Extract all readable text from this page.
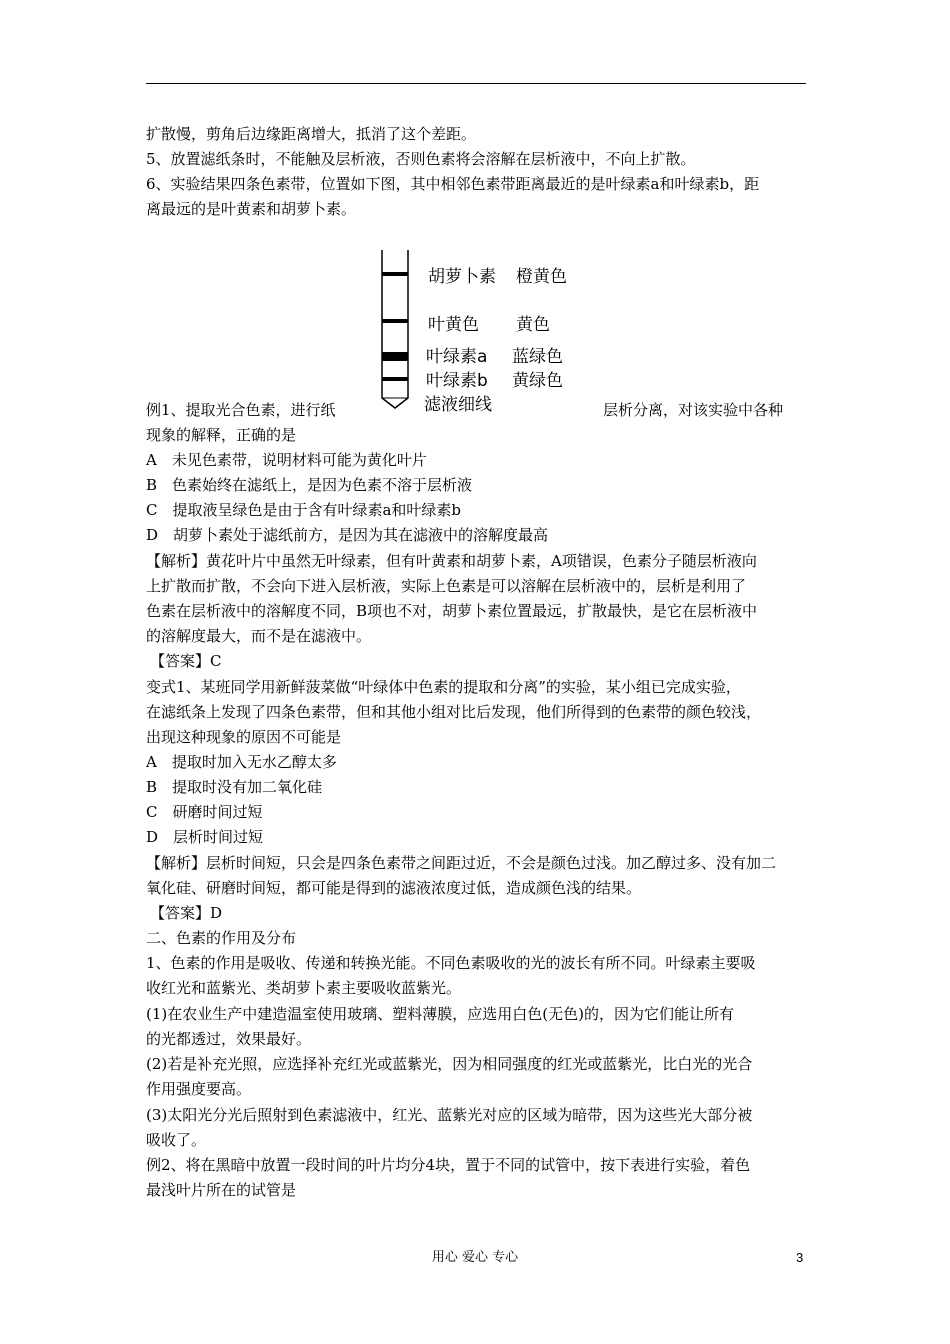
扩散慢，剪角后边缘距离增大，抵消了这个差距。
5、放置滤纸条时，不能触及层析液，否则色素将会溶解在层析液中，不向上扩散。
6、实验结果四条色素带，位置如下图，其中相邻色素带距离最近的是叶绿素a和叶绿素b，距
离最远的是叶黄素和胡萝卜素。
胡萝卜素 橙黄色
叶黄色 黄色
叶绿素a 蓝绿色
叶绿素b 黄绿色
滤液细线
例1、提取光合色素，进行纸	层析分离，对该实验中各种
现象的解释，正确的是
A　未见色素带，说明材料可能为黄化叶片
B　色素始终在滤纸上，是因为色素不溶于层析液
C　提取液呈绿色是由于含有叶绿素a和叶绿素b
D　胡萝卜素处于滤纸前方，是因为其在滤液中的溶解度最高
【解析】黄花叶片中虽然无叶绿素，但有叶黄素和胡萝卜素，A项错误，色素分子随层析液向
上扩散而扩散，不会向下进入层析液，实际上色素是可以溶解在层析液中的，层析是利用了
色素在层析液中的溶解度不同，B项也不对，胡萝卜素位置最远，扩散最快，是它在层析液中
的溶解度最大，而不是在滤液中。
【答案】C
变式1、某班同学用新鲜菠菜做“叶绿体中色素的提取和分离”的实验，某小组已完成实验，
在滤纸条上发现了四条色素带，但和其他小组对比后发现，他们所得到的色素带的颜色较浅，
出现这种现象的原因不可能是
A　提取时加入无水乙醇太多
B　提取时没有加二氧化硅
C　研磨时间过短
D　层析时间过短
【解析】层析时间短，只会是四条色素带之间距过近，不会是颜色过浅。加乙醇过多、没有加二
氧化硅、研磨时间短，都可能是得到的滤液浓度过低，造成颜色浅的结果。
【答案】D
二、色素的作用及分布
1、色素的作用是吸收、传递和转换光能。不同色素吸收的光的波长有所不同。叶绿素主要吸
收红光和蓝紫光、类胡萝卜素主要吸收蓝紫光。
(1)在农业生产中建造温室使用玻璃、塑料薄膜，应选用白色(无色)的，因为它们能让所有
的光都透过，效果最好。
(2)若是补充光照，应选择补充红光或蓝紫光，因为相同强度的红光或蓝紫光，比白光的光合
作用强度要高。
(3)太阳光分光后照射到色素滤液中，红光、蓝紫光对应的区域为暗带，因为这些光大部分被
吸收了。
例2、将在黑暗中放置一段时间的叶片均分4块，置于不同的试管中，按下表进行实验，着色
最浅叶片所在的试管是
用心 爱心 专心	3
